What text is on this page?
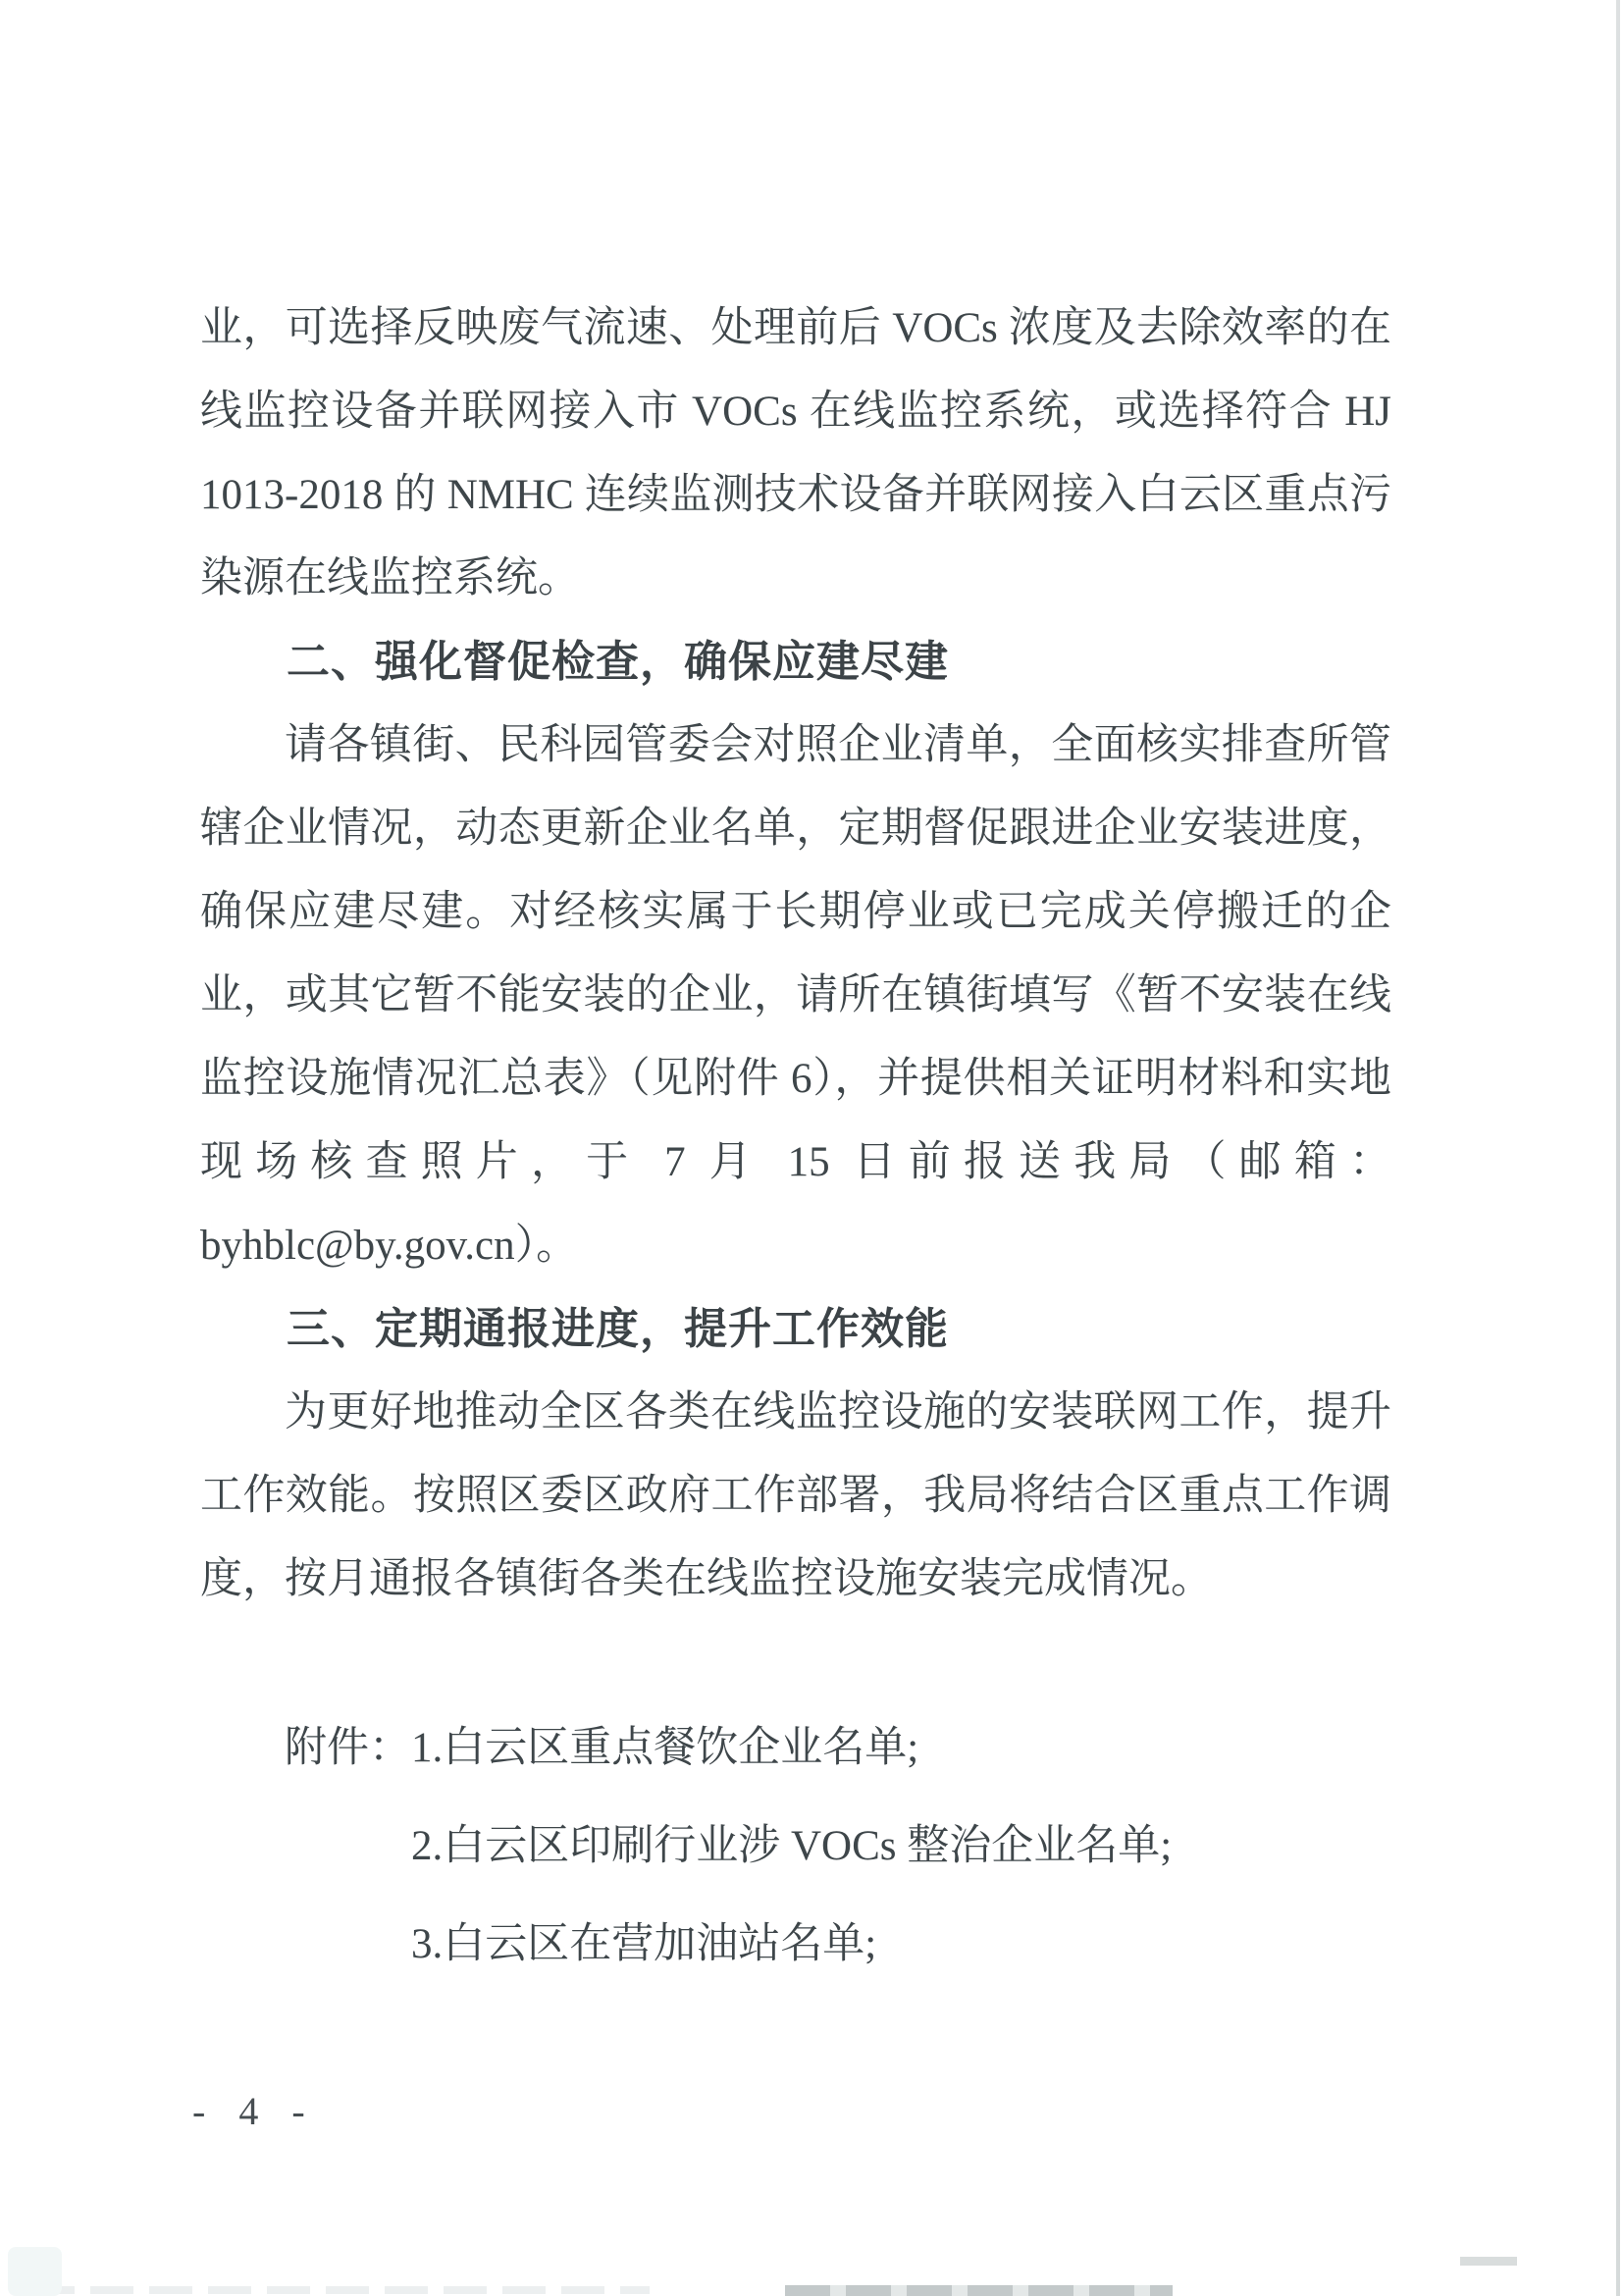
业，可选择反映废气流速、处理前后 VOCs 浓度及去除效率的在线监控设备并联网接入市 VOCs 在线监控系统，或选择符合 HJ 1013-2018 的 NMHC 连续监测技术设备并联网接入白云区重点污染源在线监控系统。

二、强化督促检查，确保应建尽建

请各镇街、民科园管委会对照企业清单，全面核实排查所管辖企业情况，动态更新企业名单，定期督促跟进企业安装进度，确保应建尽建。对经核实属于长期停业或已完成关停搬迁的企业，或其它暂不能安装的企业，请所在镇街填写《暂不安装在线监控设施情况汇总表》（见附件 6），并提供相关证明材料和实地现场核查照片，于 7 月 15 日前报送我局（邮箱：byhblc@by.gov.cn）。

三、定期通报进度，提升工作效能

为更好地推动全区各类在线监控设施的安装联网工作，提升工作效能。按照区委区政府工作部署，我局将结合区重点工作调度，按月通报各镇街各类在线监控设施安装完成情况。

附件： 1.白云区重点餐饮企业名单;
2.白云区印刷行业涉 VOCs 整治企业名单;
3.白云区在营加油站名单;
- 4 -
